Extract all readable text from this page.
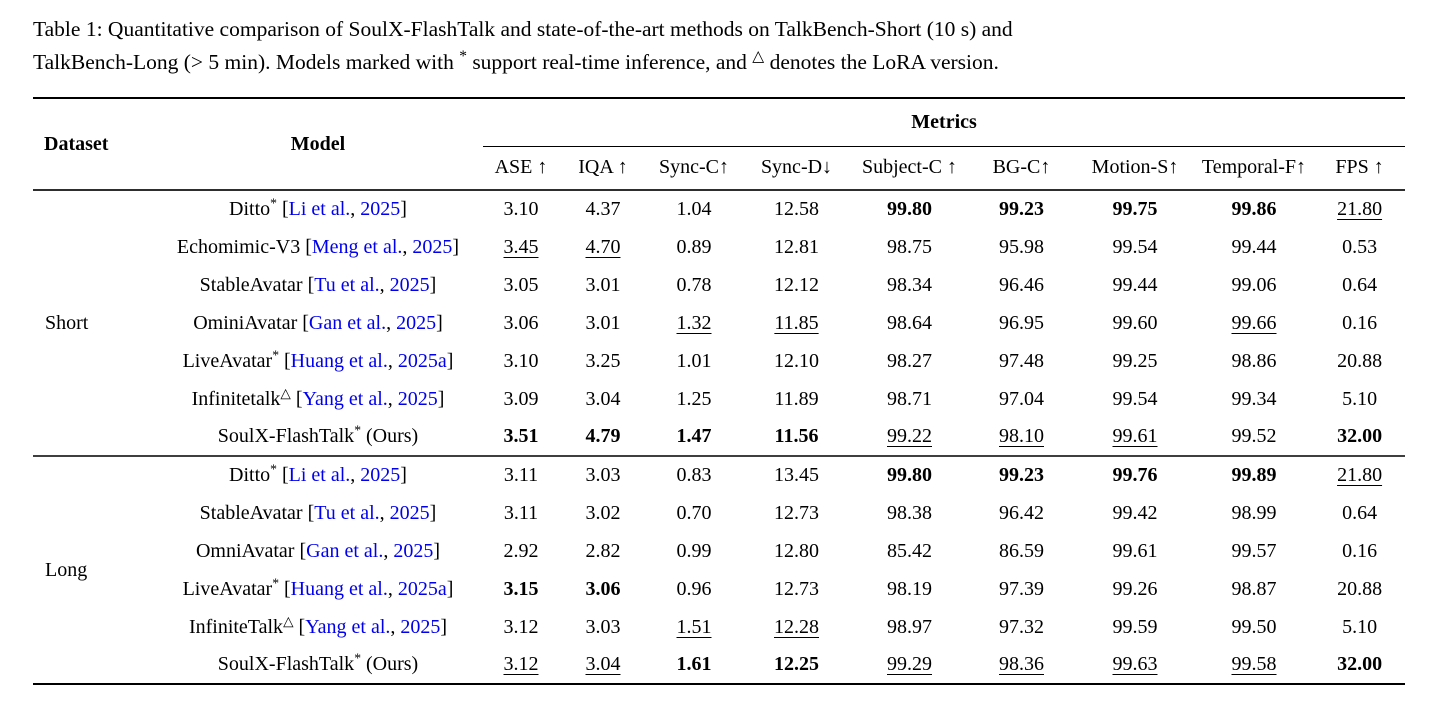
Table 1: Quantitative comparison of SoulX-FlashTalk and state-of-the-art methods on TalkBench-Short (10 s) and
TalkBench-Long (> 5 min). Models marked with * support real-time inference, and △ denotes the LoRA version.
Dataset	Model	Metrics								
		ASE ↑	IQA ↑	Sync-C↑	Sync-D↓	Subject-C ↑	BG-C↑	Motion-S↑	Temporal-F↑	FPS ↑
Short	Ditto* [Li et al., 2025]	3.10	4.37	1.04	12.58	99.80	99.23	99.75	99.86	21.80
	Echomimic-V3 [Meng et al., 2025]	3.45	4.70	0.89	12.81	98.75	95.98	99.54	99.44	0.53
	StableAvatar [Tu et al., 2025]	3.05	3.01	0.78	12.12	98.34	96.46	99.44	99.06	0.64
	OminiAvatar [Gan et al., 2025]	3.06	3.01	1.32	11.85	98.64	96.95	99.60	99.66	0.16
	LiveAvatar* [Huang et al., 2025a]	3.10	3.25	1.01	12.10	98.27	97.48	99.25	98.86	20.88
	Infinitetalk△ [Yang et al., 2025]	3.09	3.04	1.25	11.89	98.71	97.04	99.54	99.34	5.10
	SoulX-FlashTalk* (Ours)	3.51	4.79	1.47	11.56	99.22	98.10	99.61	99.52	32.00
Long	Ditto* [Li et al., 2025]	3.11	3.03	0.83	13.45	99.80	99.23	99.76	99.89	21.80
	StableAvatar [Tu et al., 2025]	3.11	3.02	0.70	12.73	98.38	96.42	99.42	98.99	0.64
	OmniAvatar [Gan et al., 2025]	2.92	2.82	0.99	12.80	85.42	86.59	99.61	99.57	0.16
	LiveAvatar* [Huang et al., 2025a]	3.15	3.06	0.96	12.73	98.19	97.39	99.26	98.87	20.88
	InfiniteTalk△ [Yang et al., 2025]	3.12	3.03	1.51	12.28	98.97	97.32	99.59	99.50	5.10
	SoulX-FlashTalk* (Ours)	3.12	3.04	1.61	12.25	99.29	98.36	99.63	99.58	32.00
